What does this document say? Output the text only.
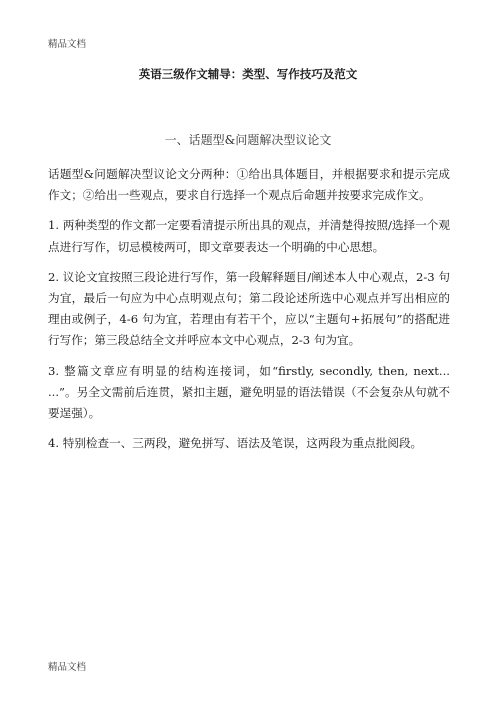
精品文档
英语三级作文辅导：类型、写作技巧及范文
一、话题型&问题解决型议论文

话题型&问题解决型议论文分两种：①给出具体题目，并根据要求和提示完成作文；②给出一些观点，要求自行选择一个观点后命题并按要求完成作文。

1. 两种类型的作文都一定要看清提示所出具的观点，并清楚得按照/选择一个观点进行写作，切忌模棱两可，即文章要表达一个明确的中心思想。

2. 议论文宜按照三段论进行写作，第一段解释题目/阐述本人中心观点，2-3 句为宜，最后一句应为中心点明观点句；第二段论述所选中心观点并写出相应的理由或例子，4-6 句为宜，若理由有若干个，应以“主题句+拓展句”的搭配进行写作；第三段总结全文并呼应本文中心观点，2-3 句为宜。

3. 整篇文章应有明显的结构连接词，如“firstly, secondly, then, next... ...”。另全文需前后连贯，紧扣主题，避免明显的语法错误（不会复杂从句就不要逞强）。

4. 特别检查一、三两段，避免拼写、语法及笔误，这两段为重点批阅段。

精品文档
